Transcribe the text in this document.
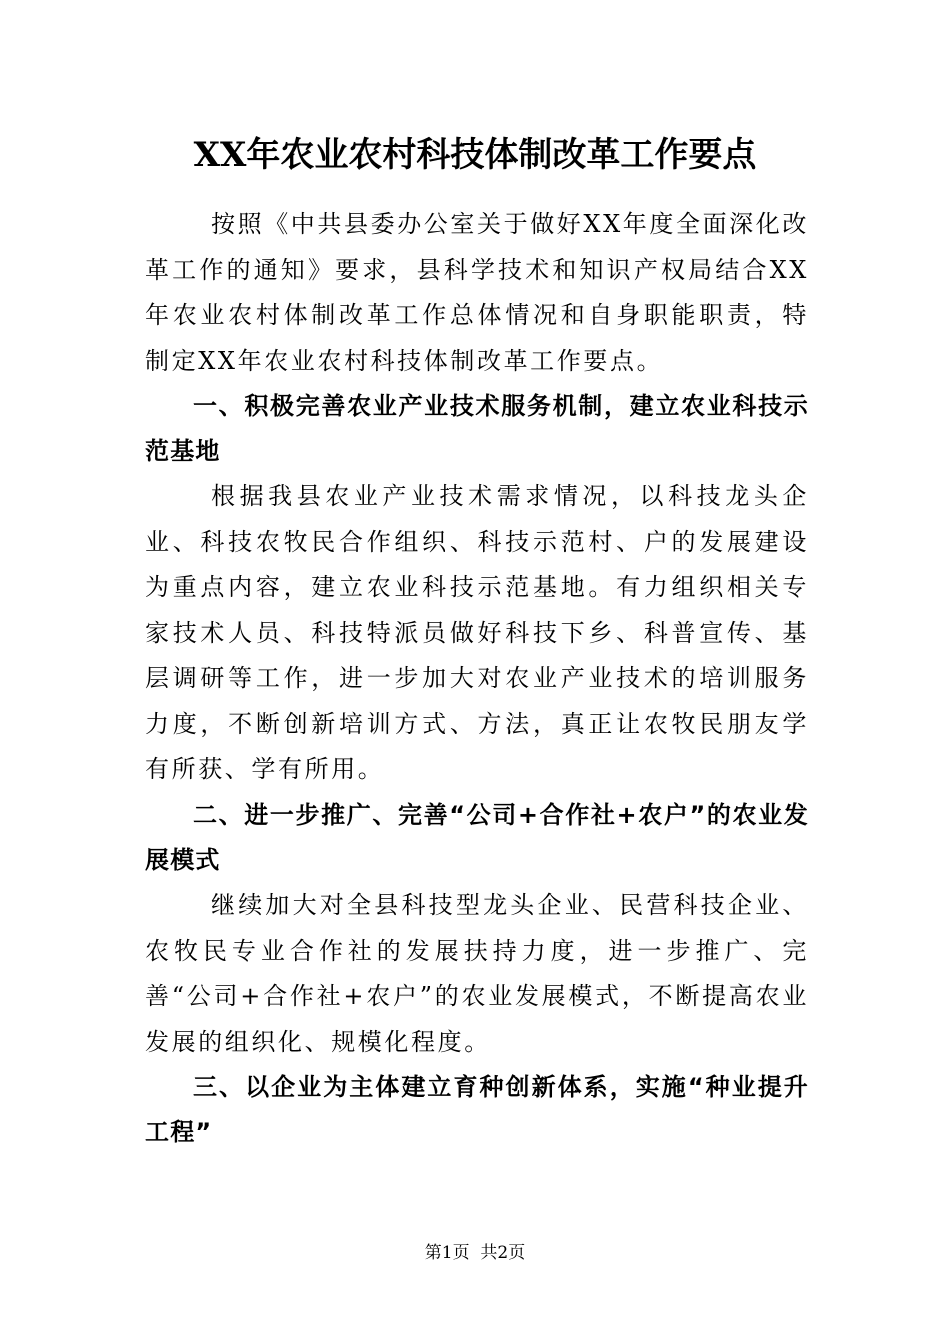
XX年农业农村科技体制改革工作要点

按照《中共县委办公室关于做好XX年度全面深化改革工作的通知》要求，县科学技术和知识产权局结合XX年农业农村体制改革工作总体情况和自身职能职责，特制定XX年农业农村科技体制改革工作要点。

一、积极完善农业产业技术服务机制，建立农业科技示范基地

根据我县农业产业技术需求情况，以科技龙头企业、科技农牧民合作组织、科技示范村、户的发展建设为重点内容，建立农业科技示范基地。有力组织相关专家技术人员、科技特派员做好科技下乡、科普宣传、基层调研等工作，进一步加大对农业产业技术的培训服务力度，不断创新培训方式、方法，真正让农牧民朋友学有所获、学有所用。

二、进一步推广、完善“公司+合作社+农户”的农业发展模式

继续加大对全县科技型龙头企业、民营科技企业、农牧民专业合作社的发展扶持力度，进一步推广、完善“公司+合作社+农户”的农业发展模式，不断提高农业发展的组织化、规模化程度。

三、以企业为主体建立育种创新体系，实施“种业提升工程”
第1页 共2页
